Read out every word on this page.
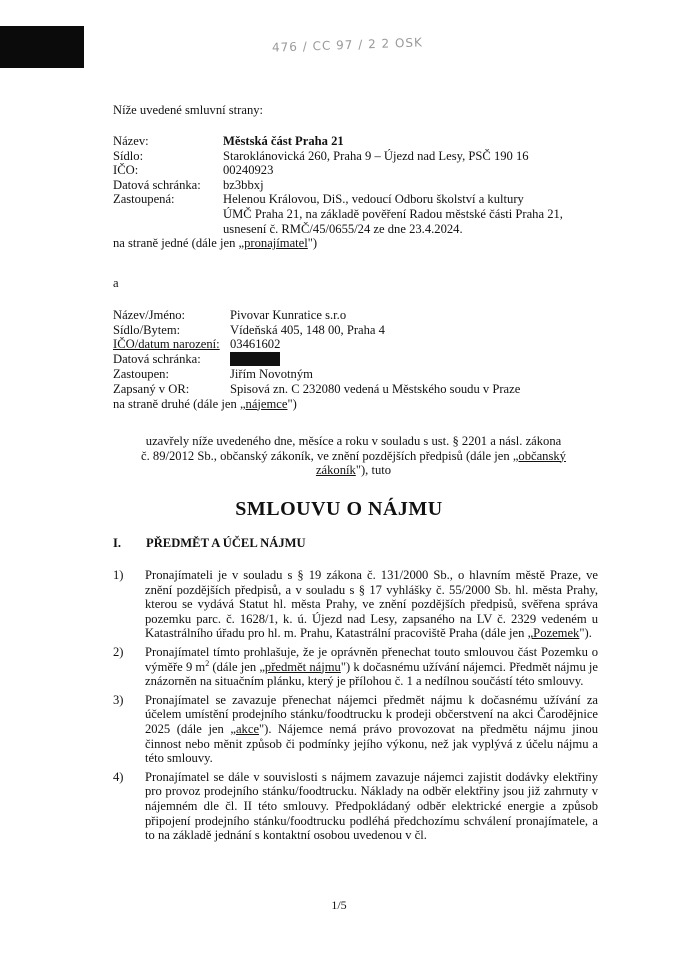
476 / CC 97 / 2 2 OSK
Níže uvedené smluvní strany:
Název:	Městská část Praha 21
Sídlo:	Staroklánovická 260, Praha 9 – Újezd nad Lesy, PSČ 190 16
IČO:	00240923
Datová schránka:	bz3bbxj
Zastoupená:	Helenou Královou, DiS., vedoucí Odboru školství a kultury
ÚMČ Praha 21, na základě pověření Radou městské části Praha 21,
usnesení č. RMČ/45/0655/24 ze dne 23.4.2024.
na straně jedné (dále jen „pronajímatel")
a
Název/Jméno:	Pivovar Kunratice s.r.o
Sídlo/Bytem:	Vídeňská 405, 148 00, Praha 4
IČO/datum narození: 03461602
Datová schránka:
Zastoupen:	Jiřím Novotným
Zapsaný v OR:	Spisová zn. C 232080 vedená u Městského soudu v Praze
na straně druhé (dále jen „nájemce")
uzavřely níže uvedeného dne, měsíce a roku v souladu s ust. § 2201 a násl. zákona
č. 89/2012 Sb., občanský zákoník, ve znění pozdějších předpisů (dále jen „občanský
zákoník"), tuto
SMLOUVU O NÁJMU
I. PŘEDMĚT A ÚČEL NÁJMU
1)	Pronajímateli je v souladu s § 19 zákona č. 131/2000 Sb., o hlavním městě Praze, ve znění pozdějších předpisů, a v souladu s § 17 vyhlášky č. 55/2000 Sb. hl. města Prahy, kterou se vydává Statut hl. města Prahy, ve znění pozdějších předpisů, svěřena správa pozemku parc. č. 1628/1, k. ú. Újezd nad Lesy, zapsaného na LV č. 2329 vedeném u Katastrálního úřadu pro hl. m. Prahu, Katastrální pracoviště Praha (dále jen „Pozemek").
2)	Pronajímatel tímto prohlašuje, že je oprávněn přenechat touto smlouvou část Pozemku o výměře 9 $m^2$ (dále jen „předmět nájmu") k dočasnému užívání nájemci. Předmět nájmu je znázorněn na situačním plánku, který je přílohou č. 1 a nedílnou součástí této smlouvy.
3)	Pronajímatel se zavazuje přenechat nájemci předmět nájmu k dočasnému užívání za účelem umístění prodejního stánku/foodtrucku k prodeji občerstvení na akci Čarodějnice 2025 (dále jen „akce"). Nájemce nemá právo provozovat na předmětu nájmu jinou činnost nebo měnit způsob či podmínky jejího výkonu, než jak vyplývá z účelu nájmu a této smlouvy.
4)	Pronajímatel se dále v souvislosti s nájmem zavazuje nájemci zajistit dodávky elektřiny pro provoz prodejního stánku/foodtrucku. Náklady na odběr elektřiny jsou již zahrnuty v nájemném dle čl. II této smlouvy. Předpokládaný odběr elektrické energie a způsob připojení prodejního stánku/foodtrucku podléhá předchozímu schválení pronajímatele, a to na základě jednání s kontaktní osobou uvedenou v čl.
1/5
